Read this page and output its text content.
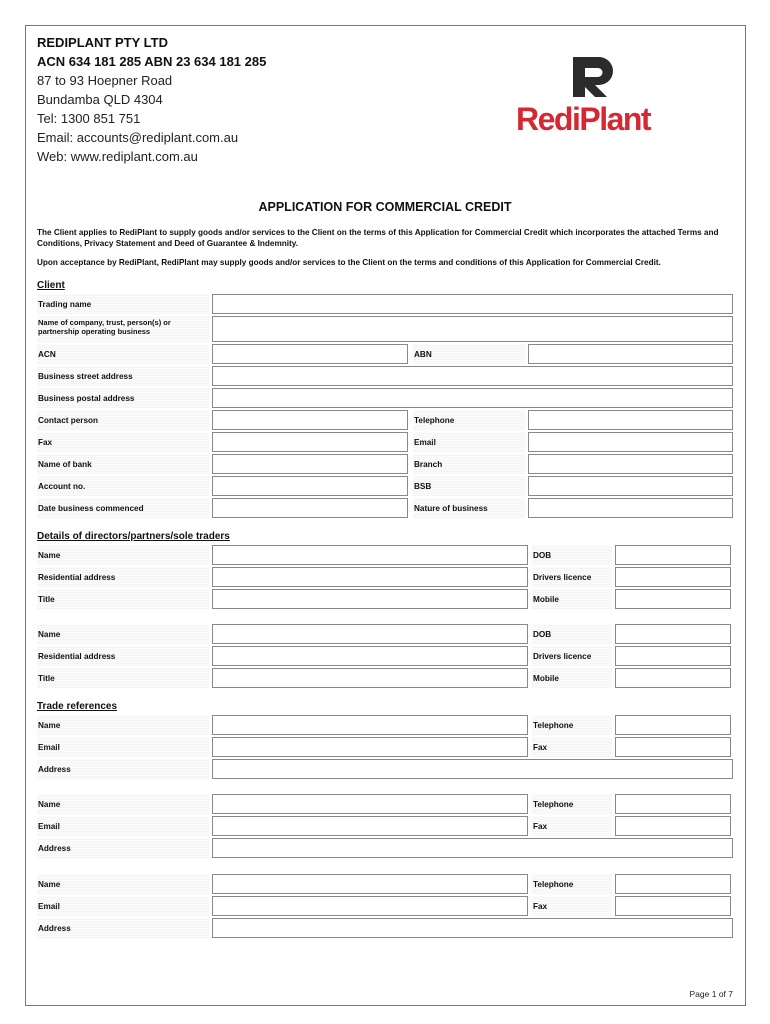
REDIPLANT PTY LTD
ACN 634 181 285 ABN 23 634 181 285
87 to 93 Hoepner Road
Bundamba QLD 4304
Tel: 1300 851 751
Email: accounts@rediplant.com.au
Web: www.rediplant.com.au
RediPlant
APPLICATION FOR COMMERCIAL CREDIT
The Client applies to RediPlant to supply goods and/or services to the Client on the terms of this Application for Commercial Credit which incorporates the attached Terms and Conditions, Privacy Statement and Deed of Guarantee & Indemnity.
Upon acceptance by RediPlant, RediPlant may supply goods and/or services to the Client on the terms and conditions of this Application for Commercial Credit.
Client
Trading name
Name of company, trust, person(s) or partnership operating business
ACN	ABN
Business street address
Business postal address
Contact person	Telephone
Fax	Email
Name of bank	Branch
Account no.	BSB
Date business commenced	Nature of business
Details of directors/partners/sole traders
Name	DOB
Residential address	Drivers licence
Title	Mobile
Name	DOB
Residential address	Drivers licence
Title	Mobile
Trade references
Name	Telephone
Email	Fax
Address
Name	Telephone
Email	Fax
Address
Name	Telephone
Email	Fax
Address
Page 1 of 7
